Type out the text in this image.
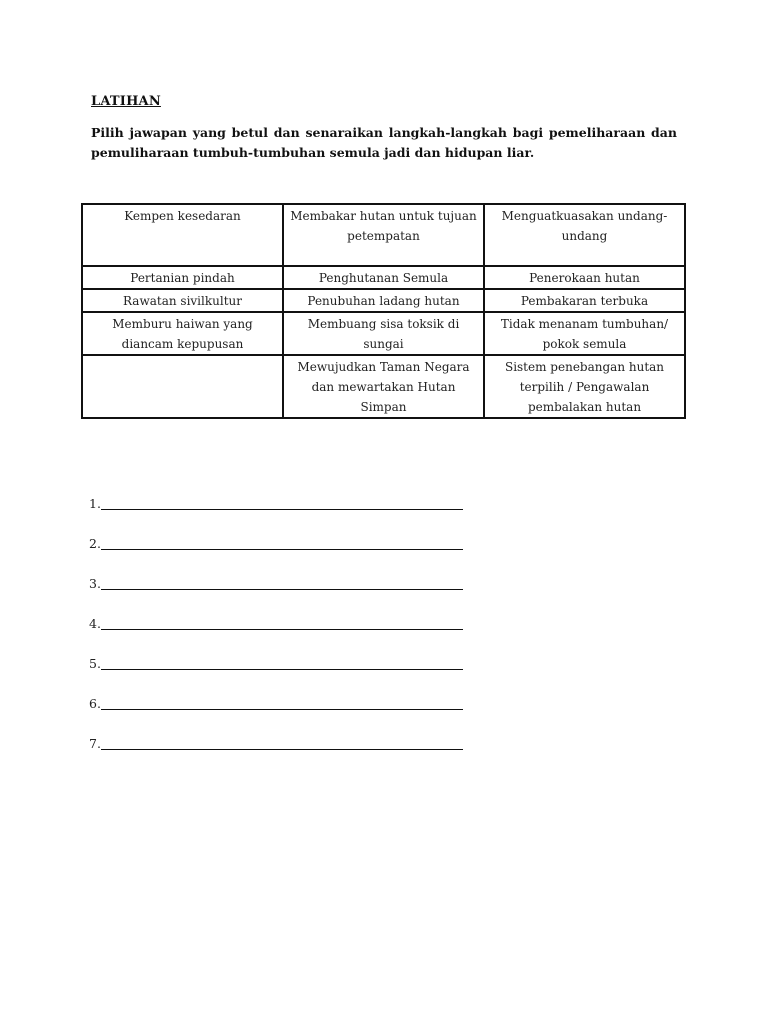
LATIHAN

Pilih jawapan yang betul dan senaraikan langkah-langkah bagi pemeliharaan dan pemuliharaan tumbuh-tumbuhan semula jadi dan hidupan liar.

Kempen kesedaran	Membakar hutan untuk tujuan petempatan	Menguatkuasakan undang-undang
Pertanian pindah	Penghutanan Semula	Penerokaan hutan
Rawatan sivilkultur	Penubuhan ladang hutan	Pembakaran terbuka
Memburu haiwan yang diancam kepupusan	Membuang sisa toksik di sungai	Tidak menanam tumbuhan/ pokok semula
	Mewujudkan Taman Negara dan mewartakan Hutan Simpan	Sistem penebangan hutan terpilih / Pengawalan pembalakan hutan
1.
2.
3.
4.
5.
6.
7.
